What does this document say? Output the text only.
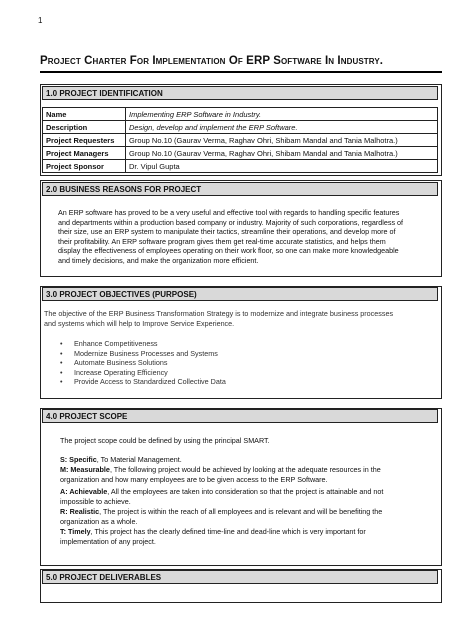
1
Project Charter For Implementation Of ERP Software In Industry.
1.0 PROJECT IDENTIFICATION
Name	Implementing ERP Software in Industry.
Description	Design, develop and implement the ERP Software.
Project Requesters	Group No.10 (Gaurav Verma, Raghav Ohri, Shibam Mandal and Tania Malhotra.)
Project Managers	Group No.10 (Gaurav Verma, Raghav Ohri, Shibam Mandal and Tania Malhotra.)
Project Sponsor	Dr. Vipul Gupta
2.0 BUSINESS REASONS FOR PROJECT
An ERP software has proved to be a very useful and effective tool with regards to handling specific features
and departments within a production based company or industry. Majority of such corporations, regardless of
their size, use an ERP system to manipulate their tactics, streamline their operations, and develop more of
their profitability. An ERP software program gives them get real-time accurate statistics, and helps them
display the effectiveness of employees operating on their work floor, so one can make more knowledgeable
and timely decisions, and make the organization more efficient.
3.0 PROJECT OBJECTIVES (PURPOSE)
The objective of the ERP Business Transformation Strategy is to modernize and integrate business processes
and systems which will help to Improve Service Experience.
• Enhance Competitiveness
• Modernize Business Processes and Systems
• Automate Business Solutions
• Increase Operating Efficiency
• Provide Access to Standardized Collective Data
4.0 PROJECT SCOPE
The project scope could be defined by using the principal SMART.
S: Specific, To Material Management.
M: Measurable, The following project would be achieved by looking at the adequate resources in the
organization and how many employees are to be given access to the ERP Software.
A: Achievable, All the employees are taken into consideration so that the project is attainable and not
impossible to achieve.
R: Realistic, The project is within the reach of all employees and is relevant and will be benefiting the
organization as a whole.
T: Timely, This project has the clearly defined time-line and dead-line which is very important for
implementation of any project.
5.0 PROJECT DELIVERABLES
